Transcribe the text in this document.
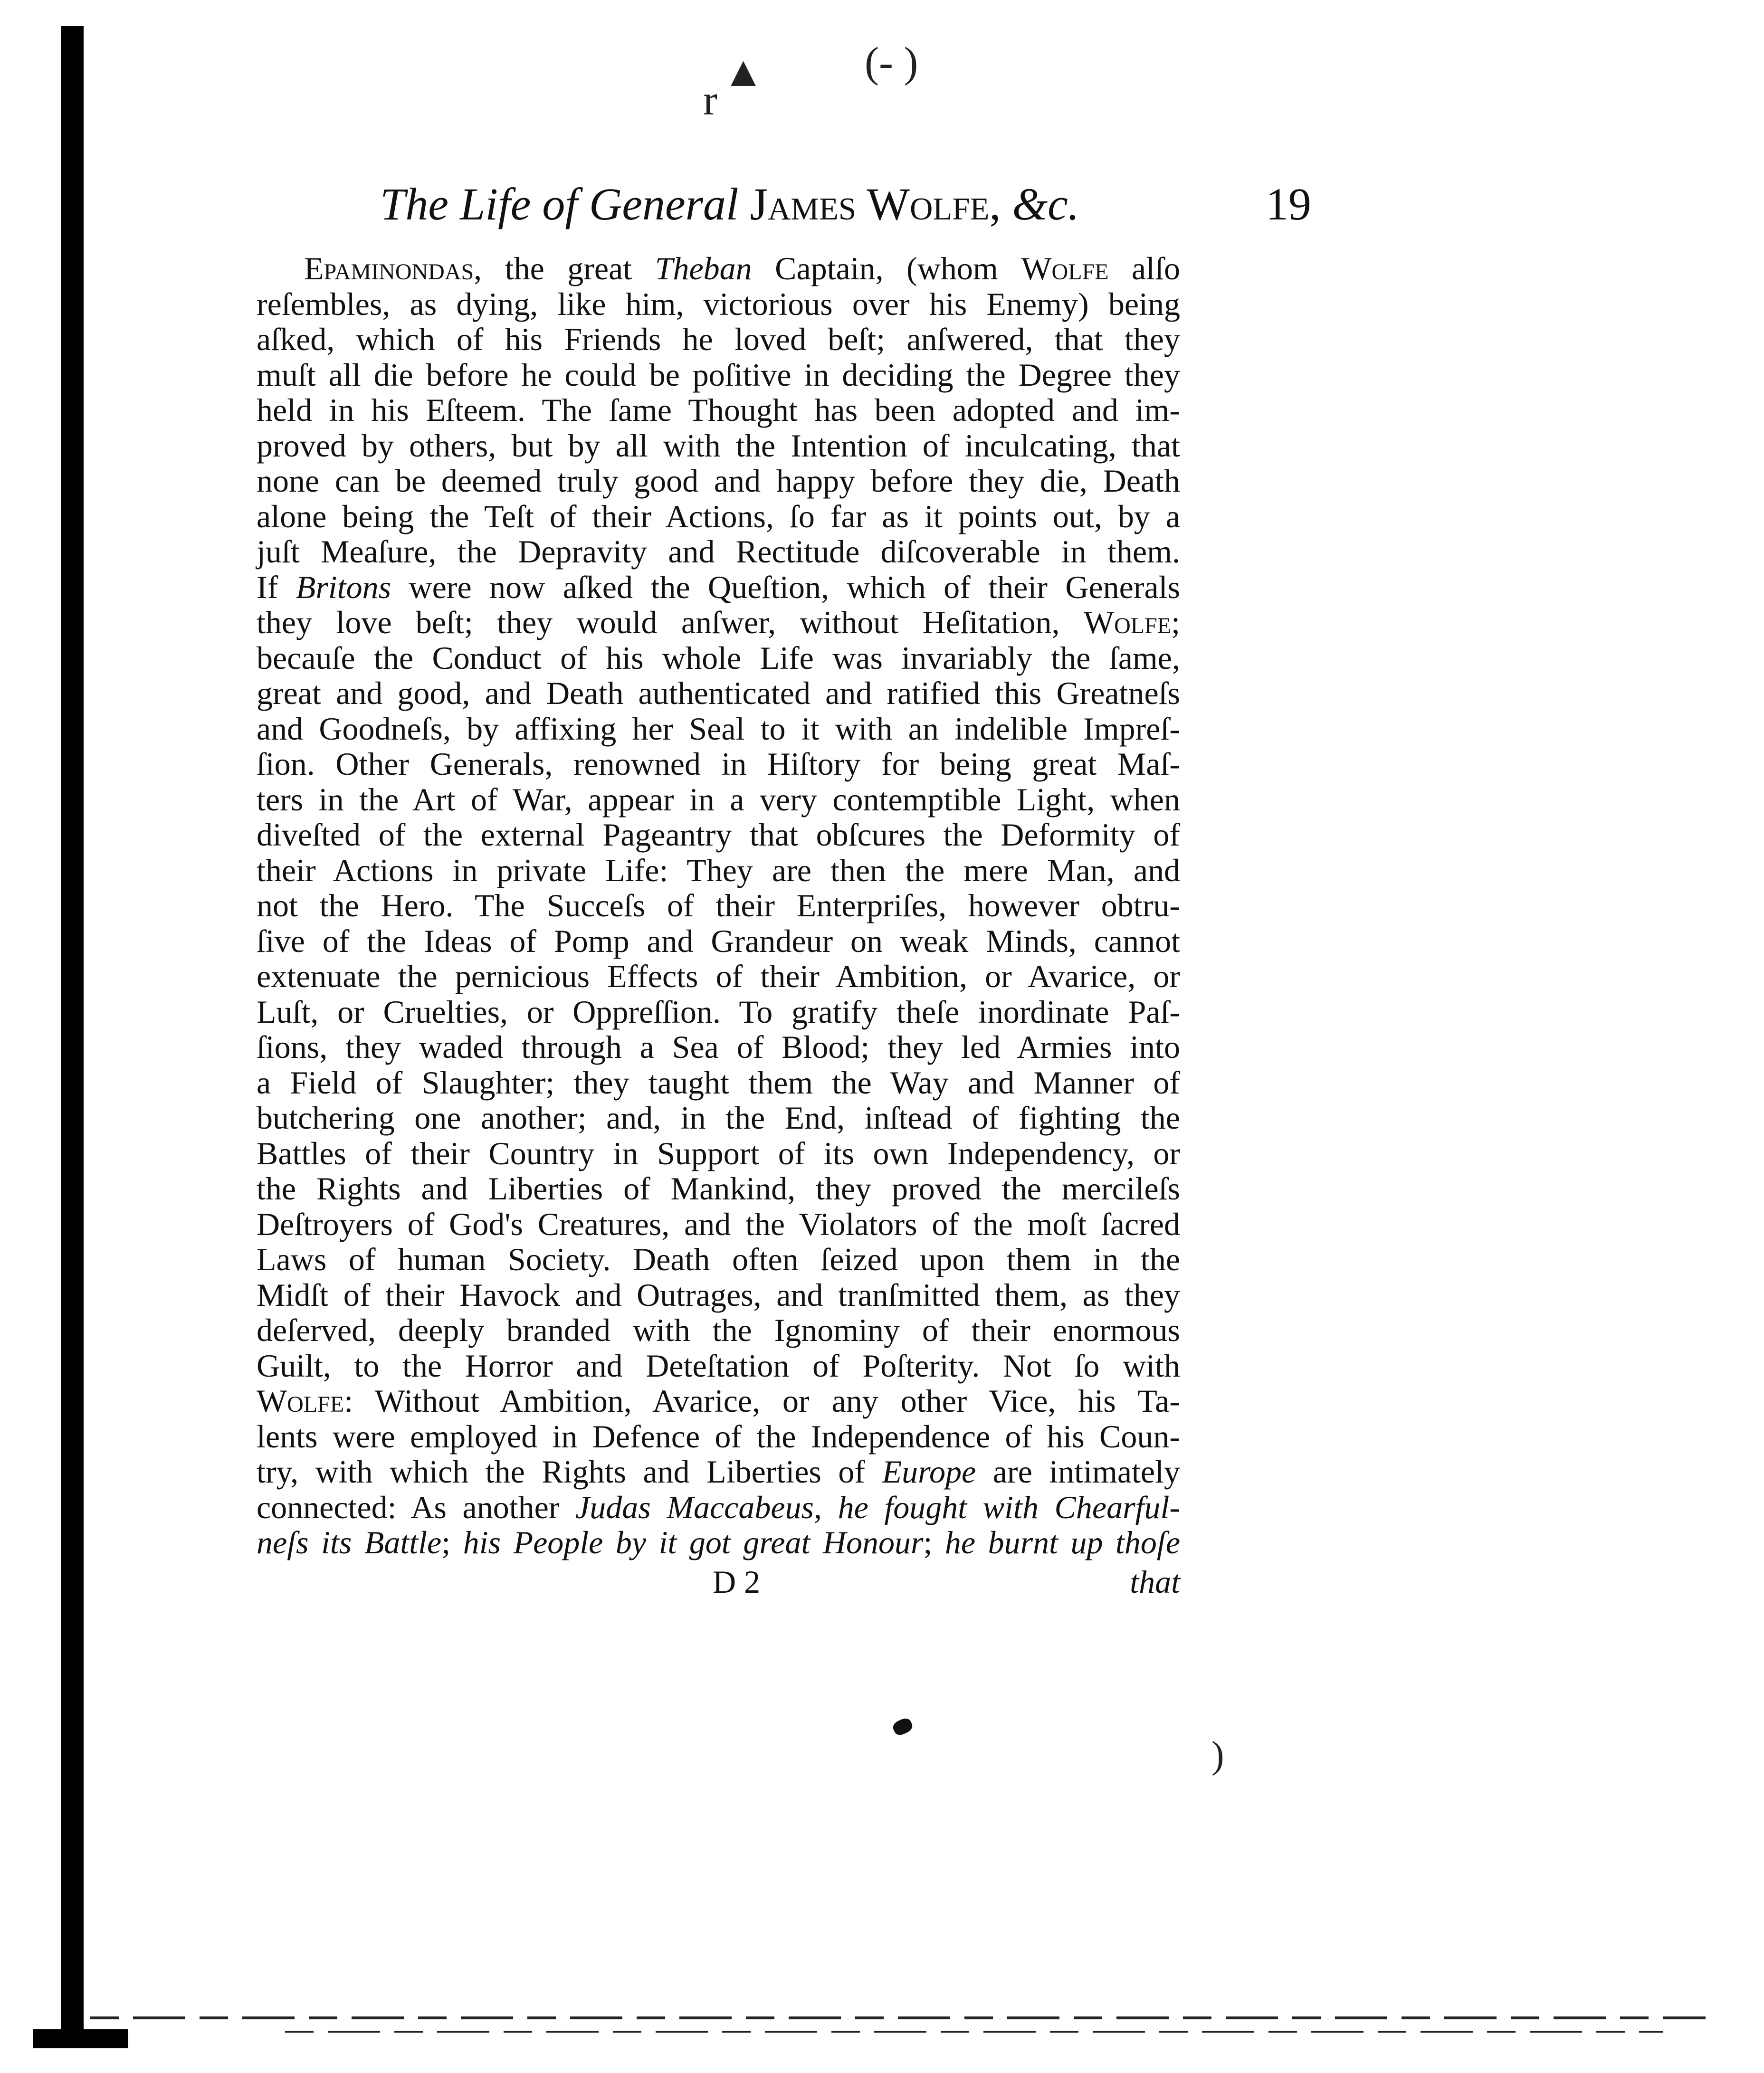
▲ (- )
r
)
The Life of General James Wolfe, &c.	19
Epaminondas, the great Theban Captain, (whom Wolfe alſo
reſembles, as dying, like him, victorious over his Enemy) being
aſked, which of his Friends he loved beſt; anſwered, that they
muſt all die before he could be poſitive in deciding the Degree they
held in his Eſteem. The ſame Thought has been adopted and im-
proved by others, but by all with the Intention of inculcating, that
none can be deemed truly good and happy before they die, Death
alone being the Teſt of their Actions, ſo far as it points out, by a
juſt Meaſure, the Depravity and Rectitude diſcoverable in them.
If Britons were now aſked the Queſtion, which of their Generals
they love beſt; they would anſwer, without Heſitation, Wolfe;
becauſe the Conduct of his whole Life was invariably the ſame,
great and good, and Death authenticated and ratified this Greatneſs
and Goodneſs, by affixing her Seal to it with an indelible Impreſ-
ſion. Other Generals, renowned in Hiſtory for being great Maſ-
ters in the Art of War, appear in a very contemptible Light, when
diveſted of the external Pageantry that obſcures the Deformity of
their Actions in private Life: They are then the mere Man, and
not the Hero. The Succeſs of their Enterpriſes, however obtru-
ſive of the Ideas of Pomp and Grandeur on weak Minds, cannot
extenuate the pernicious Effects of their Ambition, or Avarice, or
Luſt, or Cruelties, or Oppreſſion. To gratify theſe inordinate Paſ-
ſions, they waded through a Sea of Blood; they led Armies into
a Field of Slaughter; they taught them the Way and Manner of
butchering one another; and, in the End, inſtead of fighting the
Battles of their Country in Support of its own Independency, or
the Rights and Liberties of Mankind, they proved the mercileſs
Deſtroyers of God's Creatures, and the Violators of the moſt ſacred
Laws of human Society. Death often ſeized upon them in the
Midſt of their Havock and Outrages, and tranſmitted them, as they
deſerved, deeply branded with the Ignominy of their enormous
Guilt, to the Horror and Deteſtation of Poſterity. Not ſo with
Wolfe: Without Ambition, Avarice, or any other Vice, his Ta-
lents were employed in Defence of the Independence of his Coun-
try, with which the Rights and Liberties of Europe are intimately
connected: As another Judas Maccabeus, he fought with Chearful-
neſs its Battle; his People by it got great Honour; he burnt up thoſe
D 2	that
